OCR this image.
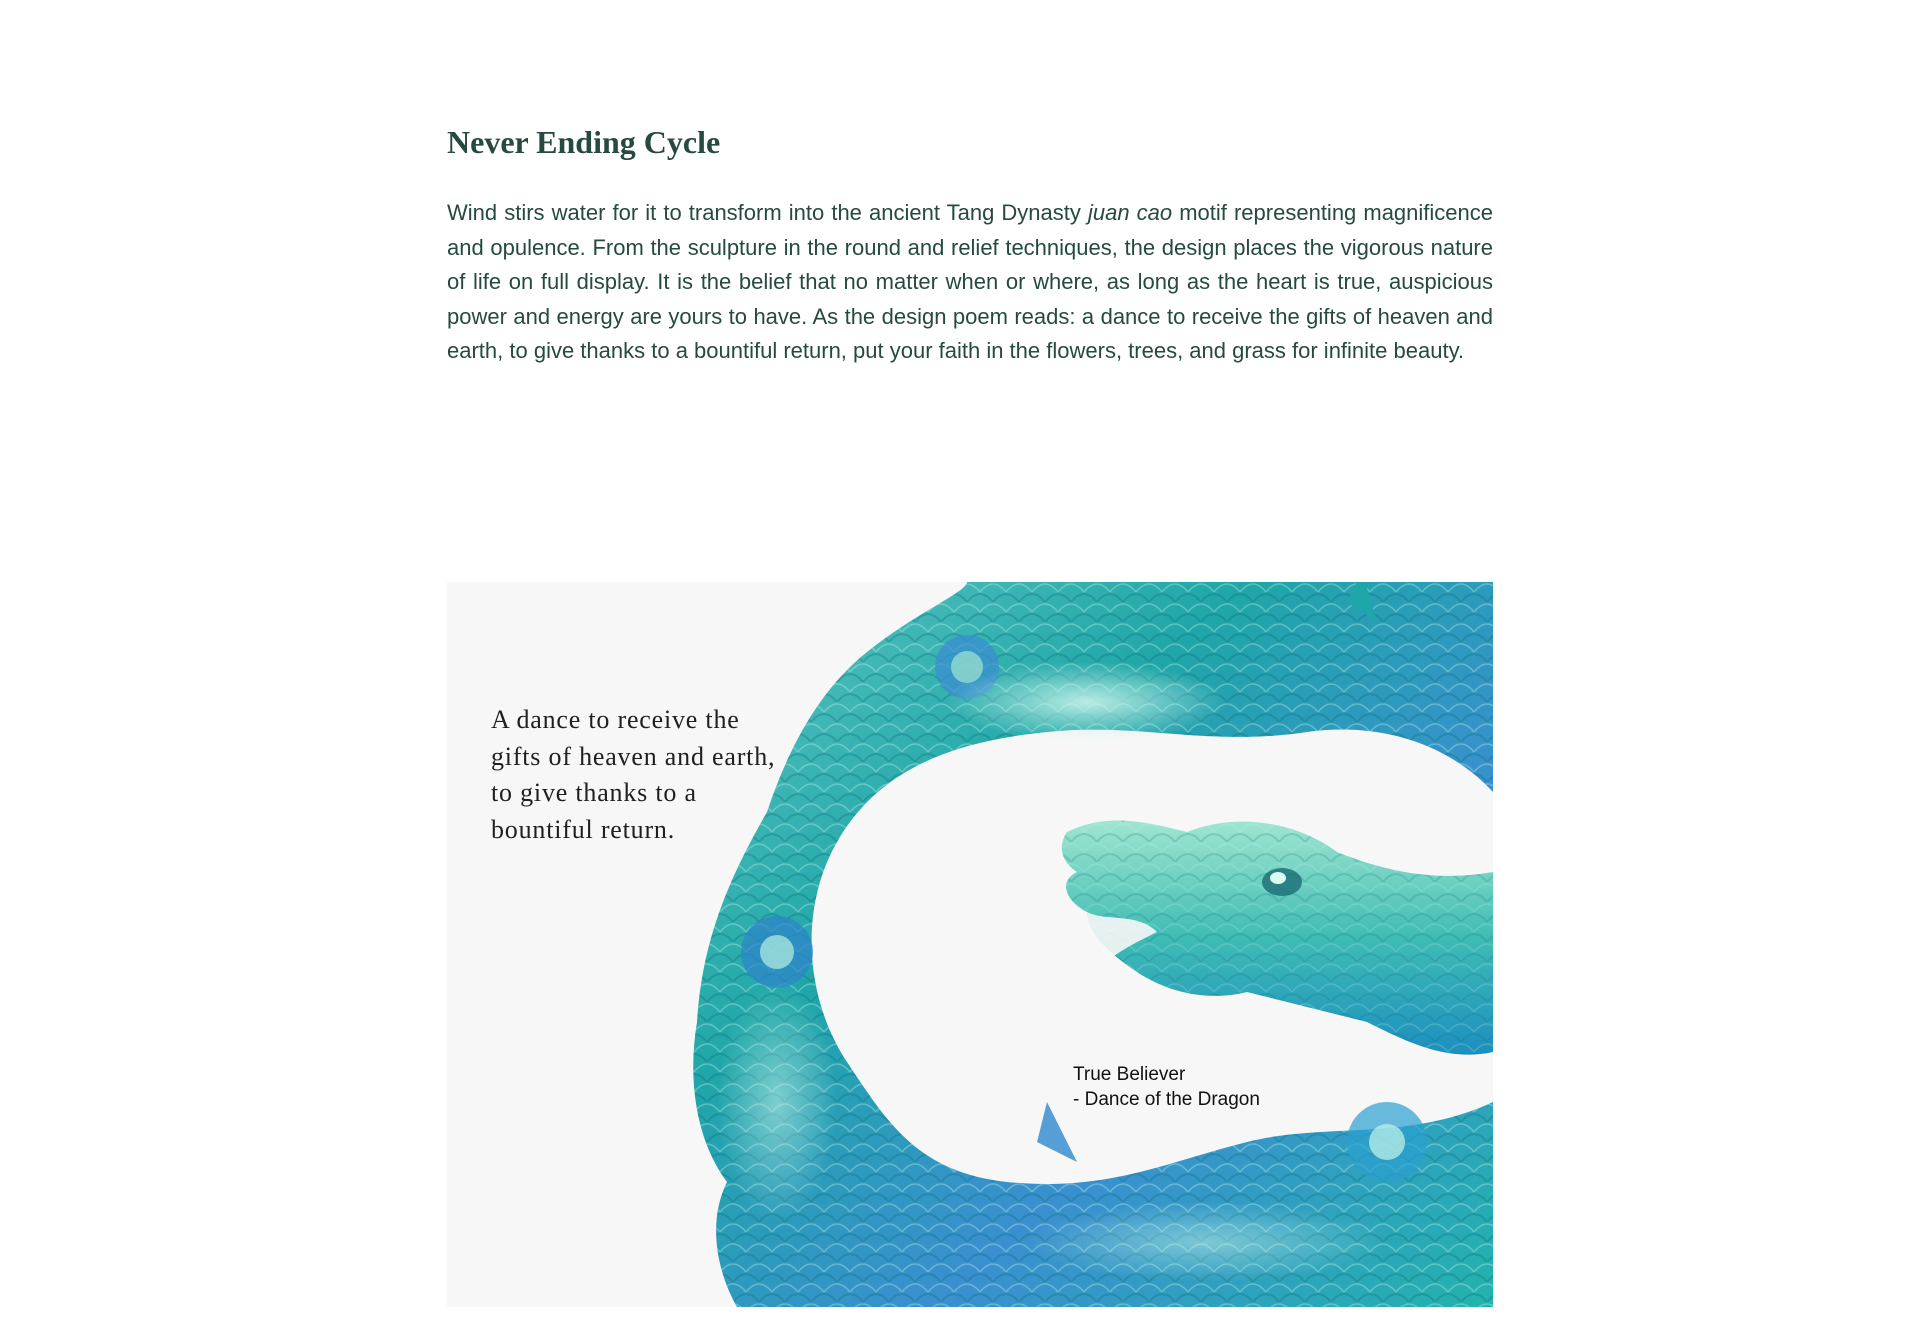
Never Ending Cycle

Wind stirs water for it to transform into the ancient Tang Dynasty juan cao motif representing magnificence and opulence. From the sculpture in the round and relief techniques, the design places the vigorous nature of life on full display. It is the belief that no matter when or where, as long as the heart is true, auspicious power and energy are yours to have. As the design poem reads: a dance to receive the gifts of heaven and earth, to give thanks to a bountiful return, put your faith in the flowers, trees, and grass for infinite beauty.

A dance to receive the
gifts of heaven and earth,
to give thanks to a
bountiful return.

True Believer
- Dance of the Dragon
